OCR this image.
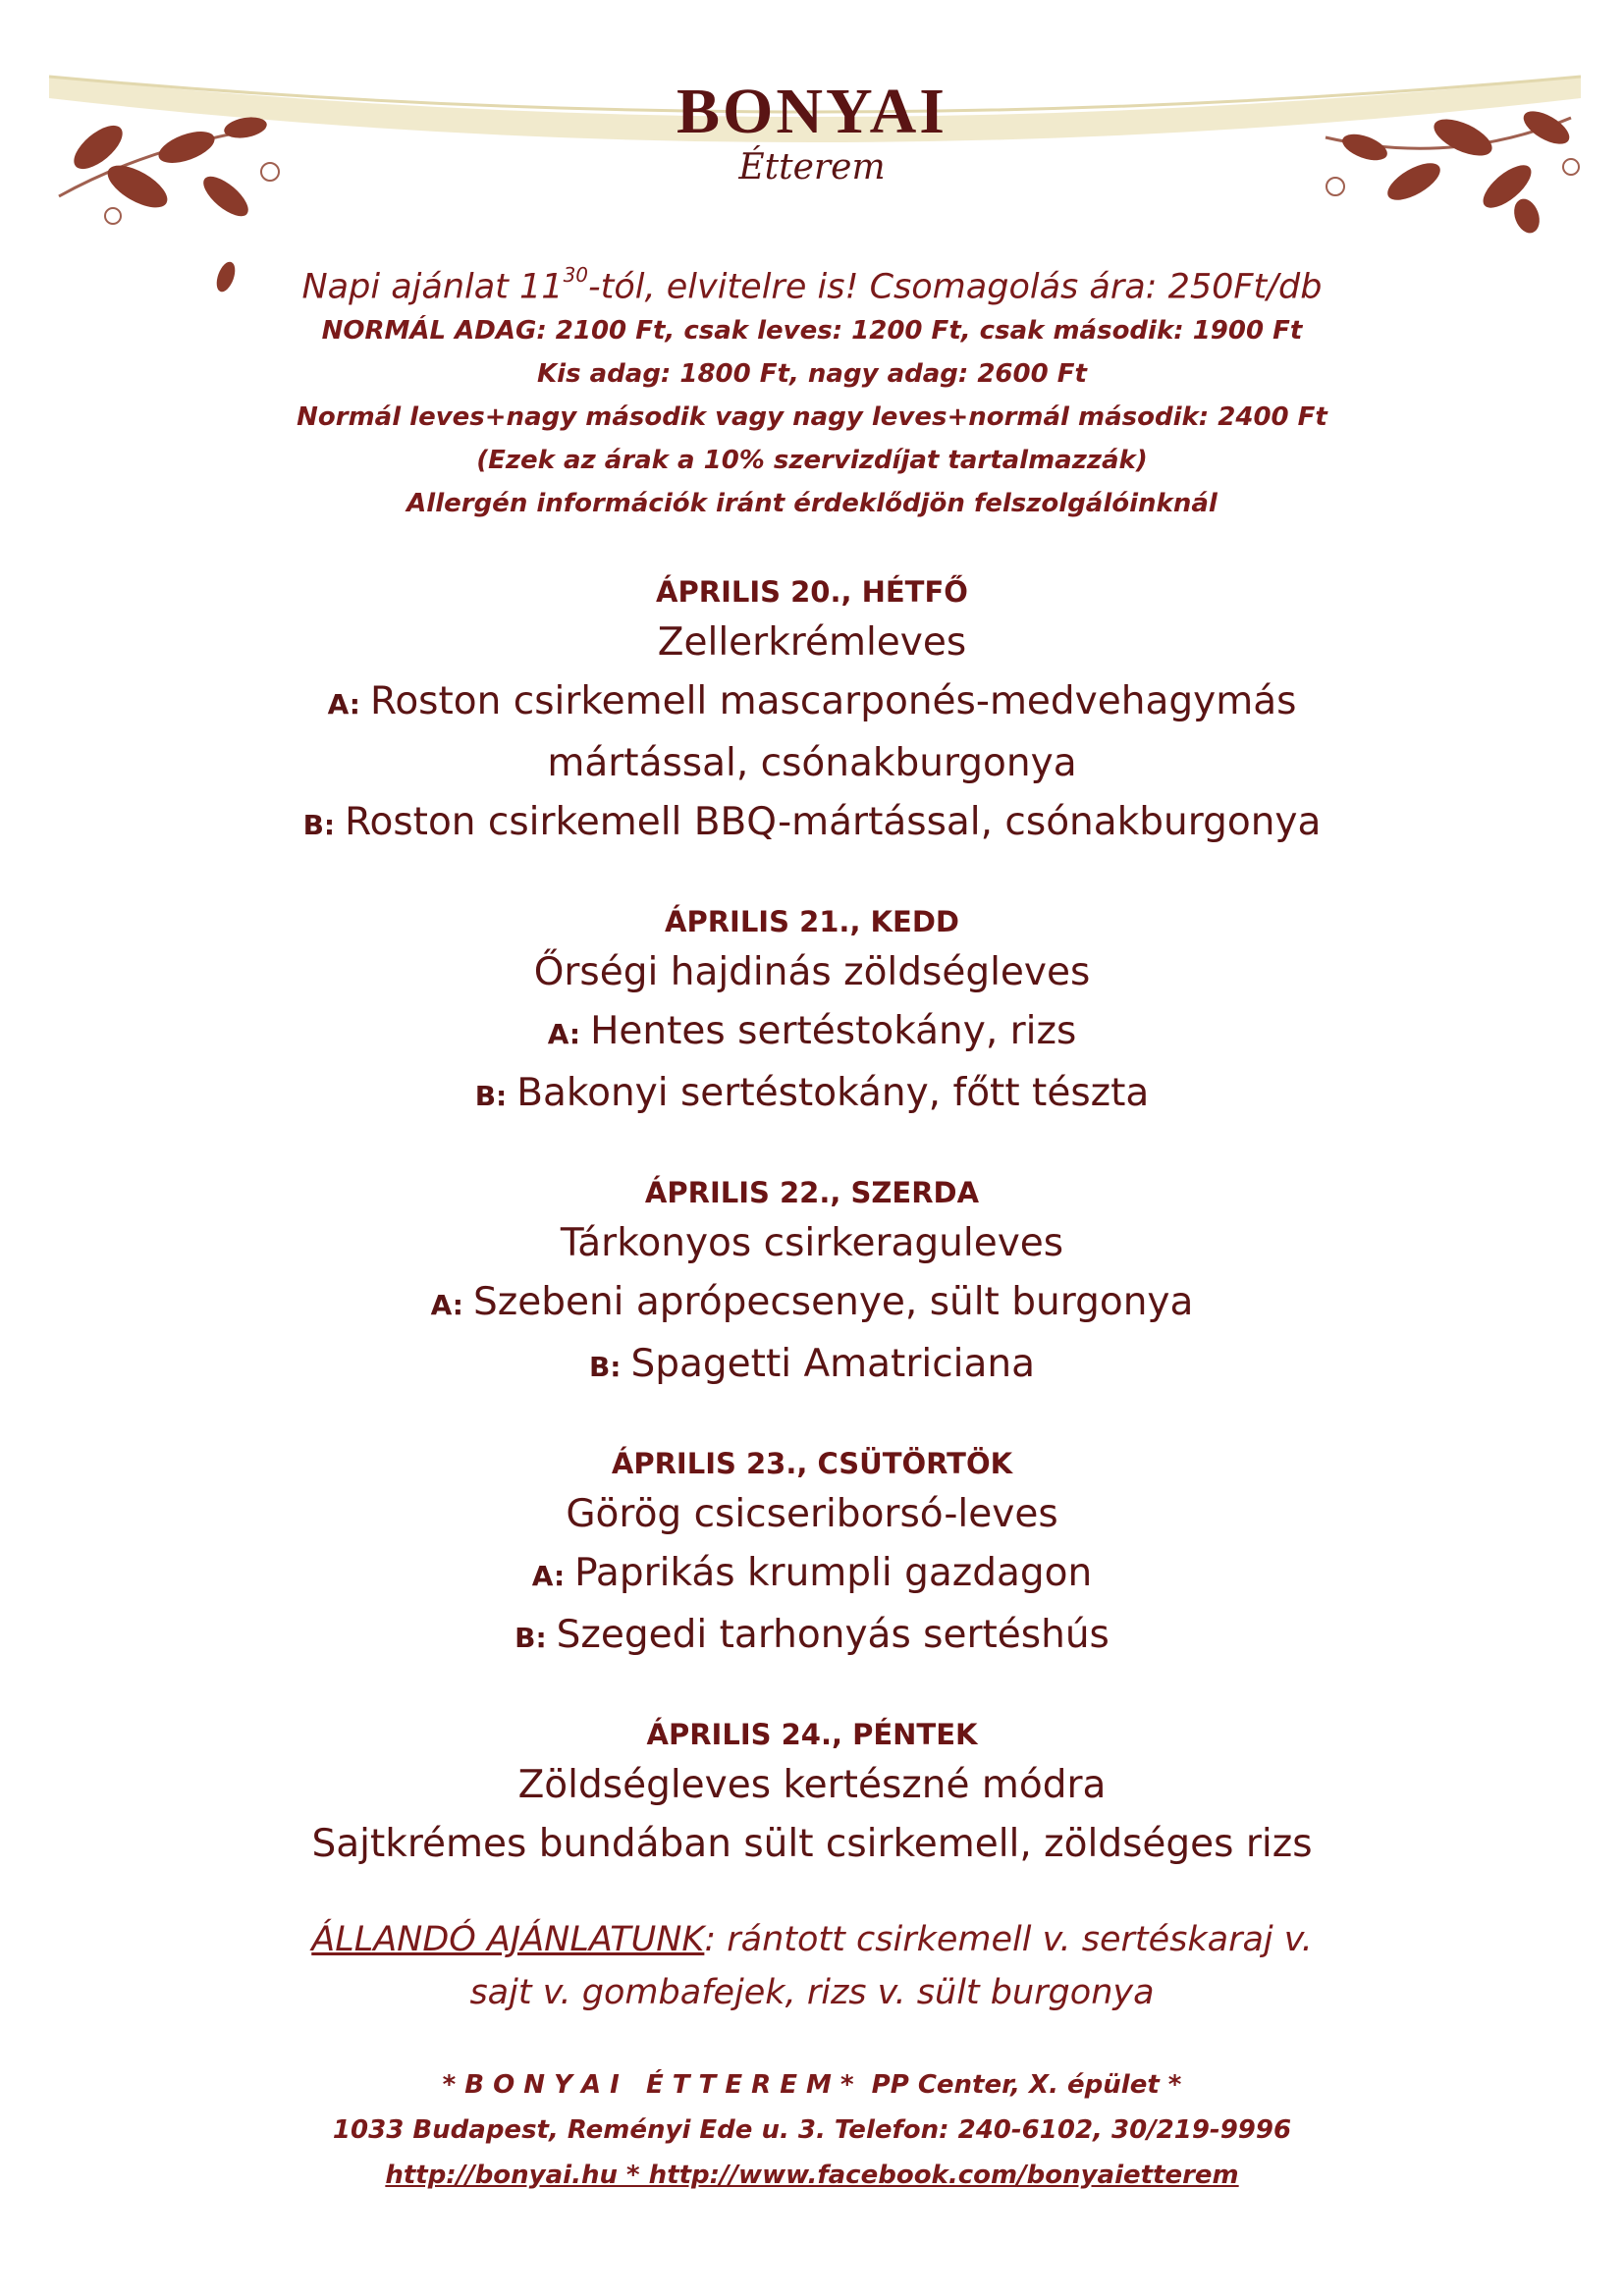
BONYAI
Étterem
Napi ajánlat $11^{30}$-tól, elvitelre is! Csomagolás ára: 250Ft/db
NORMÁL ADAG: 2100 Ft, csak leves: 1200 Ft, csak második: 1900 Ft
Kis adag: 1800 Ft, nagy adag: 2600 Ft
Normál leves+nagy második vagy nagy leves+normál második: 2400 Ft
(Ezek az árak a 10% szervizdíjat tartalmazzák)
Allergén információk iránt érdeklődjön felszolgálóinknál
ÁPRILIS 20., HÉTFŐ
Zellerkrémleves
A: Roston csirkemell mascarponés-medvehagymás
mártással, csónakburgonya
B: Roston csirkemell BBQ-mártással, csónakburgonya
ÁPRILIS 21., KEDD
Őrségi hajdinás zöldségleves
A: Hentes sertéstokány, rizs
B: Bakonyi sertéstokány, főtt tészta
ÁPRILIS 22., SZERDA
Tárkonyos csirkeraguleves
A: Szebeni aprópecsenye, sült burgonya
B: Spagetti Amatriciana
ÁPRILIS 23., CSÜTÖRTÖK
Görög csicseriborsó-leves
A: Paprikás krumpli gazdagon
B: Szegedi tarhonyás sertéshús
ÁPRILIS 24., PÉNTEK
Zöldségleves kertészné módra
Sajtkrémes bundában sült csirkemell, zöldséges rizs
ÁLLANDÓ AJÁNLATUNK: rántott csirkemell v. sertéskaraj v.
sajt v. gombafejek, rizs v. sült burgonya
* B O N Y A I   É T T E R E M *  PP Center, X. épület *
1033 Budapest, Reményi Ede u. 3. Telefon: 240-6102, 30/219-9996
http://bonyai.hu * http://www.facebook.com/bonyaietterem
